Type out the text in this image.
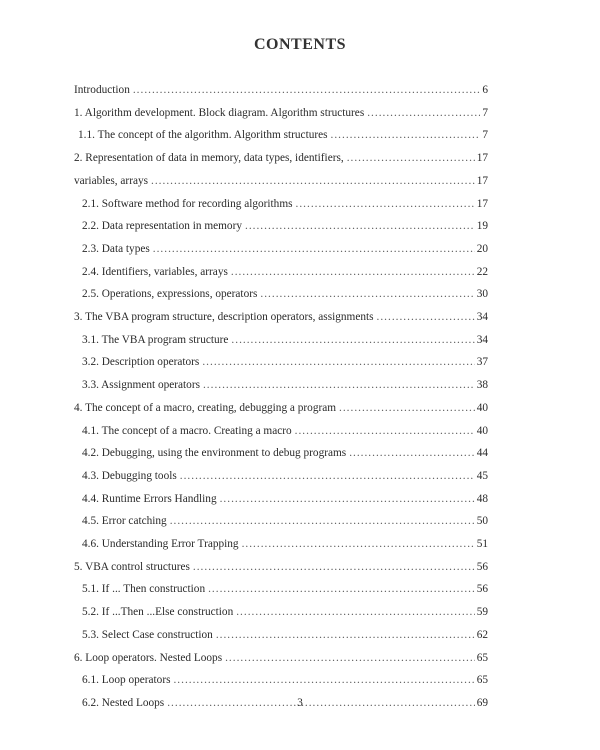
CONTENTS
Introduction .....	6
1. Algorithm development. Block diagram. Algorithm structures .....	7
1.1. The concept of the algorithm. Algorithm structures .....	7
2. Representation of data in memory, data types, identifiers, .....	17
variables, arrays .....	17
2.1. Software method for recording algorithms .....	17
2.2. Data representation in memory .....	19
2.3. Data types .....	20
2.4. Identifiers, variables, arrays .....	22
2.5. Operations, expressions, operators .....	30
3. The VBA program structure, description operators, assignments .....	34
3.1. The VBA program structure .....	34
3.2. Description operators .....	37
3.3. Assignment operators .....	38
4. The concept of a macro, creating, debugging a program .....	40
4.1. The concept of a macro. Creating a macro .....	40
4.2. Debugging, using the environment to debug programs .....	44
4.3. Debugging tools .....	45
4.4. Runtime Errors Handling .....	48
4.5. Error catching .....	50
4.6. Understanding Error Trapping .....	51
5. VBA control structures .....	56
5.1. If ... Then construction .....	56
5.2. If ...Then ...Else construction .....	59
5.3. Select Case construction .....	62
6. Loop operators. Nested Loops .....	65
6.1. Loop operators .....	65
6.2. Nested Loops .....	69
3
